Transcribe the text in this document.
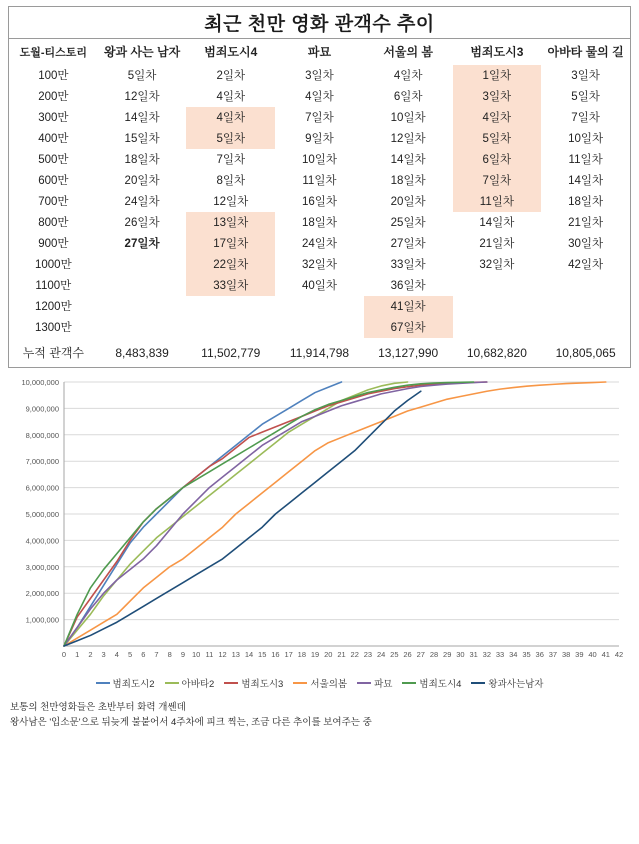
최근 천만 영화 관객수 추이
도월-티스토리	왕과 사는 남자	범죄도시4	파묘	서울의 봄	범죄도시3	아바타 물의 길
100만	5일차	2일차	3일차	4일차	1일차	3일차
200만	12일차	4일차	4일차	6일차	3일차	5일차
300만	14일차	4일차	7일차	10일차	4일차	7일차
400만	15일차	5일차	9일차	12일차	5일차	10일차
500만	18일차	7일차	10일차	14일차	6일차	11일차
600만	20일차	8일차	11일차	18일차	7일차	14일차
700만	24일차	12일차	16일차	20일차	11일차	18일차
800만	26일차	13일차	18일차	25일차	14일차	21일차
900만	27일차	17일차	24일차	27일차	21일차	30일차
1000만		22일차	32일차	33일차	32일차	42일차
1100만		33일차	40일차	36일차		
1200만				41일차		
1300만				67일차		
누적 관객수	8,483,839	11,502,779	11,914,798	13,127,990	10,682,820	10,805,065
1,000,000
2,000,000
3,000,000
4,000,000
5,000,000
6,000,000
7,000,000
8,000,000
9,000,000
10,000,000
0 1 2 3 4 5 6 7 8 9 10 11 12 13 14 15 16 17 18 19 20 21 22 23 24 25 26 27 28 29 30 31 32 33 34 35 36 37 38 39 40 41 42
범죄도시2	아바타2	범죄도시3	서울의봄	파묘	범죄도시4	왕과사는남자
보통의 천만영화들은 초반부터 화력 개쎈데
왕사남은 '입소문'으로 뒤늦게 불붙어서 4주차에 피크 찍는, 조금 다른 추이를 보여주는 중
